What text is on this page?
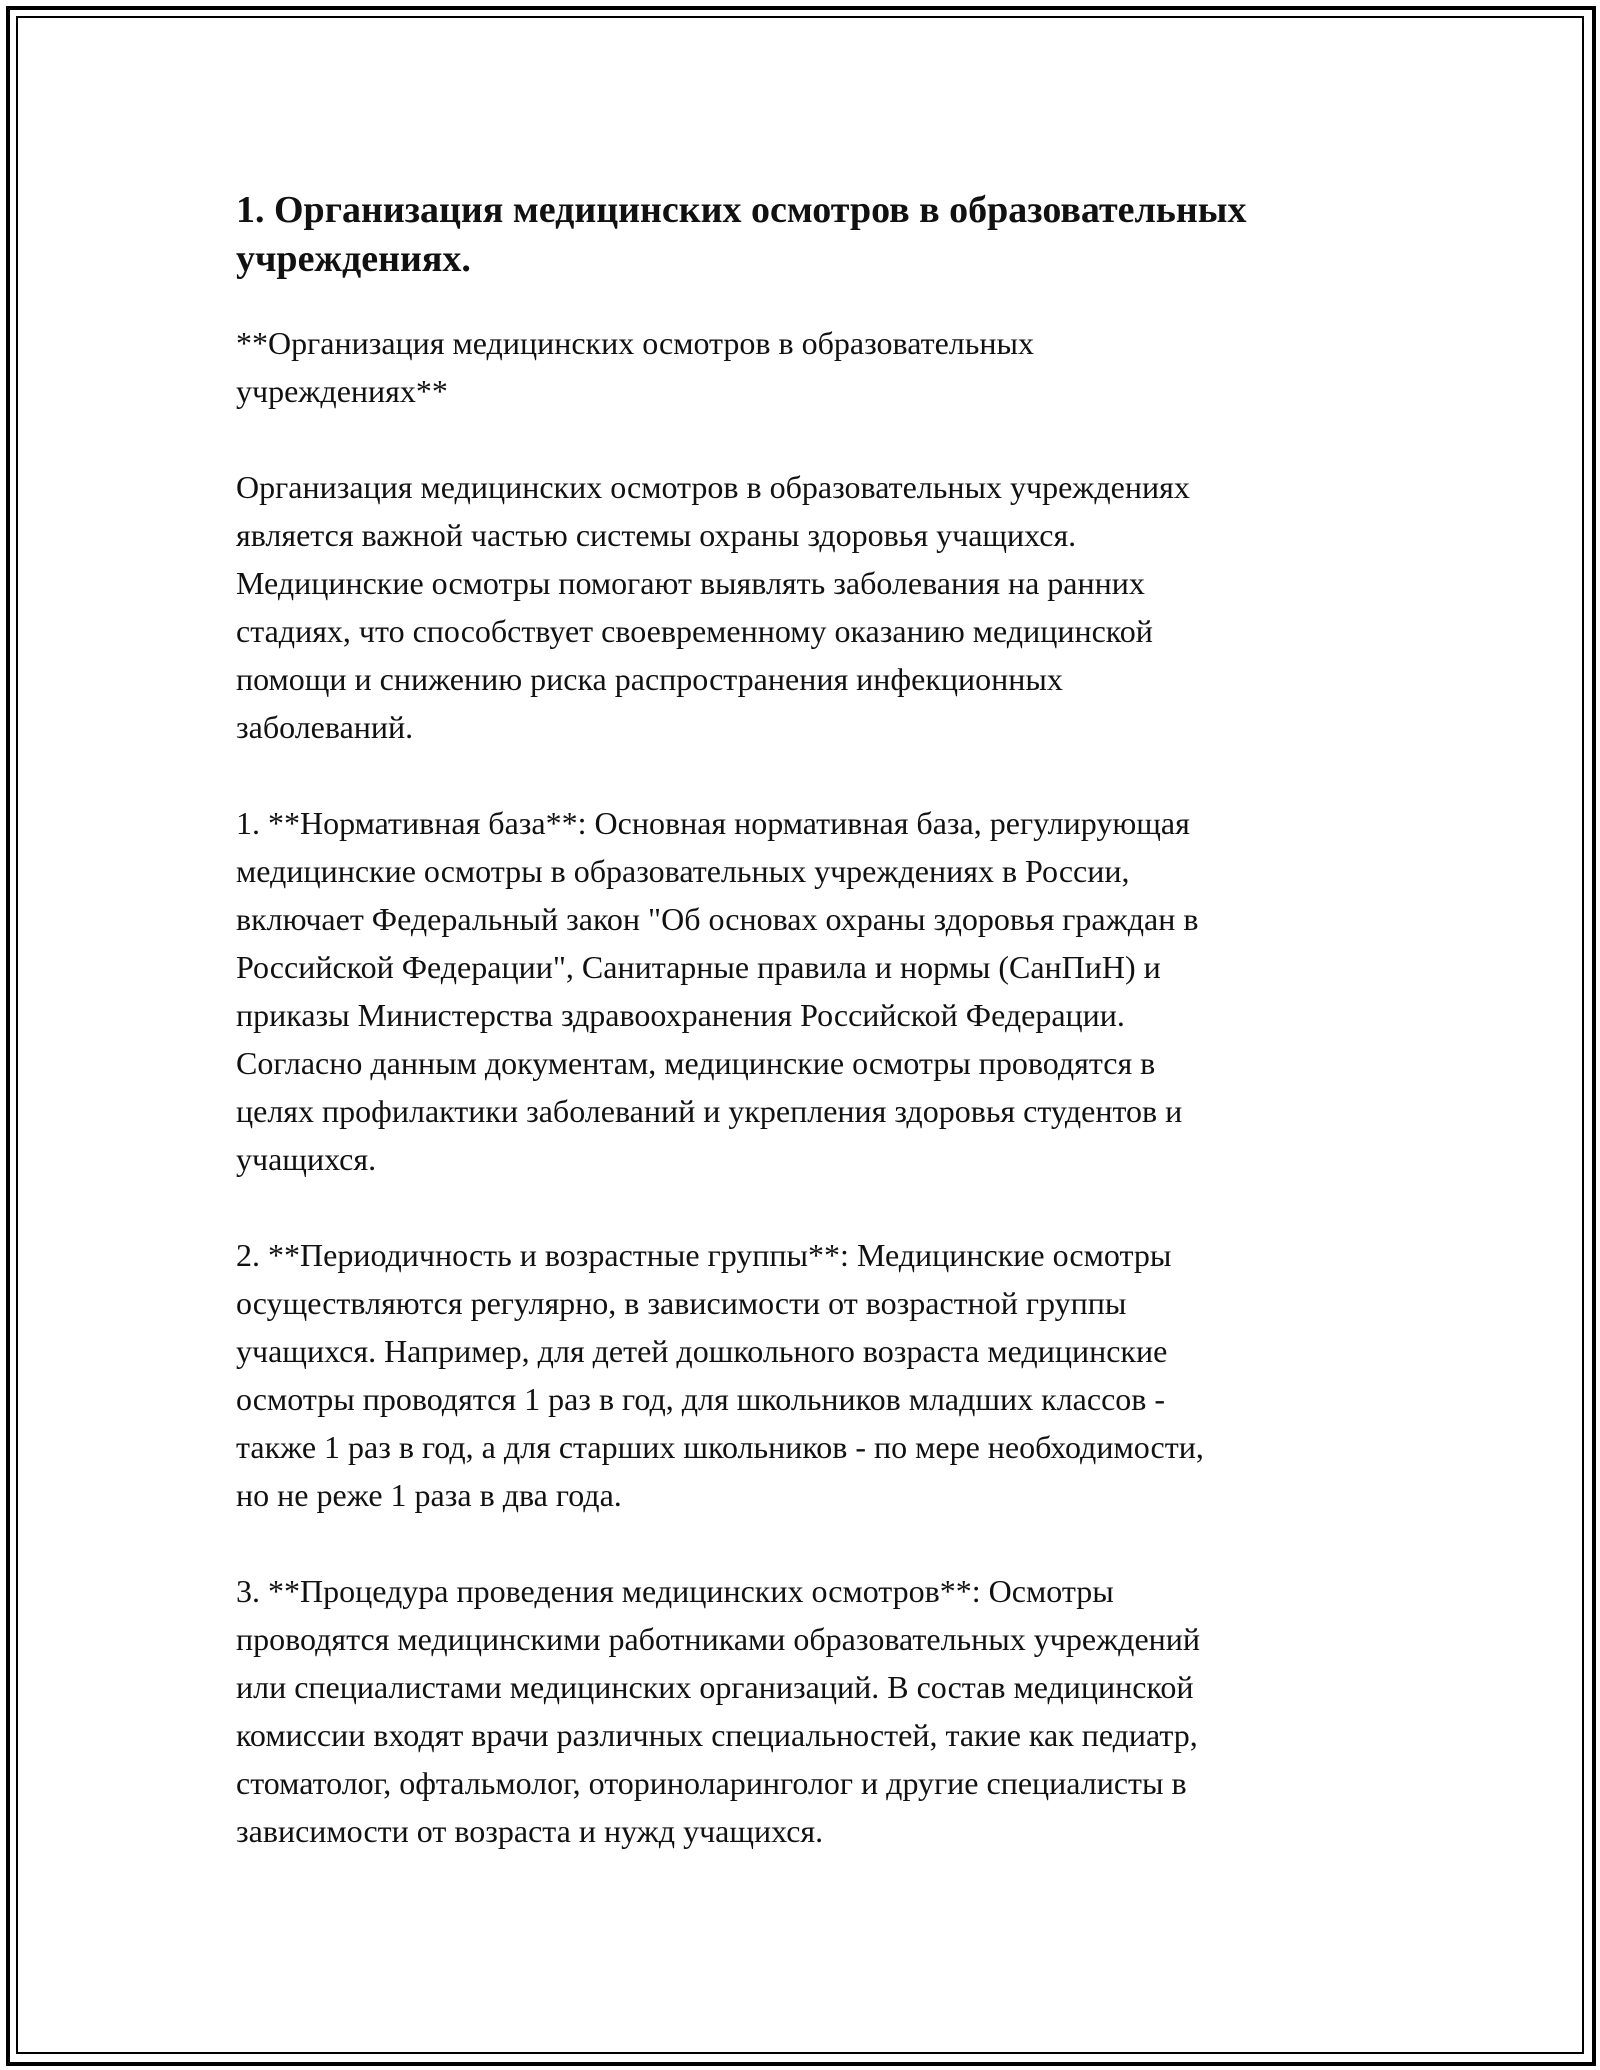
1. Организация медицинских осмотров в образовательных учреждениях.

**Организация медицинских осмотров в образовательных
учреждениях**

Организация медицинских осмотров в образовательных учреждениях
является важной частью системы охраны здоровья учащихся.
Медицинские осмотры помогают выявлять заболевания на ранних
стадиях, что способствует своевременному оказанию медицинской
помощи и снижению риска распространения инфекционных
заболеваний.

1. **Нормативная база**: Основная нормативная база, регулирующая
медицинские осмотры в образовательных учреждениях в России,
включает Федеральный закон "Об основах охраны здоровья граждан в
Российской Федерации", Санитарные правила и нормы (СанПиН) и
приказы Министерства здравоохранения Российской Федерации.
Согласно данным документам, медицинские осмотры проводятся в
целях профилактики заболеваний и укрепления здоровья студентов и
учащихся.

2. **Периодичность и возрастные группы**: Медицинские осмотры
осуществляются регулярно, в зависимости от возрастной группы
учащихся. Например, для детей дошкольного возраста медицинские
осмотры проводятся 1 раз в год, для школьников младших классов -
также 1 раз в год, а для старших школьников - по мере необходимости,
но не реже 1 раза в два года.

3. **Процедура проведения медицинских осмотров**: Осмотры
проводятся медицинскими работниками образовательных учреждений
или специалистами медицинских организаций. В состав медицинской
комиссии входят врачи различных специальностей, такие как педиатр,
стоматолог, офтальмолог, оториноларинголог и другие специалисты в
зависимости от возраста и нужд учащихся.
